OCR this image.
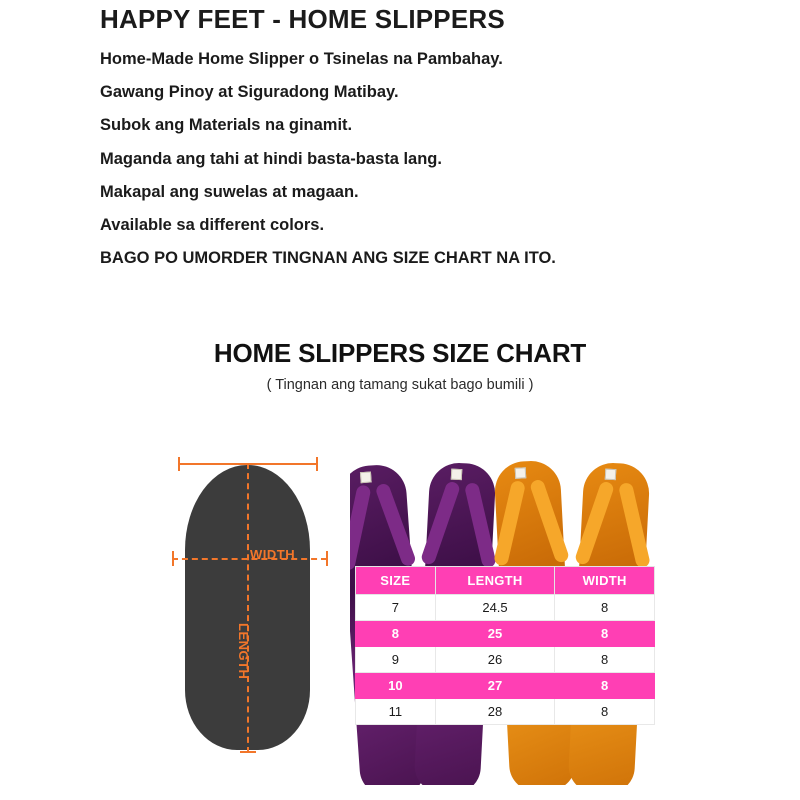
HAPPY FEET - HOME SLIPPERS
Home-Made Home Slipper o Tsinelas na Pambahay.
Gawang Pinoy at Siguradong Matibay.
Subok ang Materials na ginamit.
Maganda ang tahi at hindi basta-basta lang.
Makapal ang suwelas at magaan.
Available sa different colors.
BAGO PO UMORDER TINGNAN ANG SIZE CHART NA ITO.
HOME SLIPPERS SIZE CHART
( Tingnan ang tamang sukat bago bumili )
WIDTH
LENGTH
SIZE	LENGTH	WIDTH
7	24.5	8
8	25	8
9	26	8
10	27	8
11	28	8
